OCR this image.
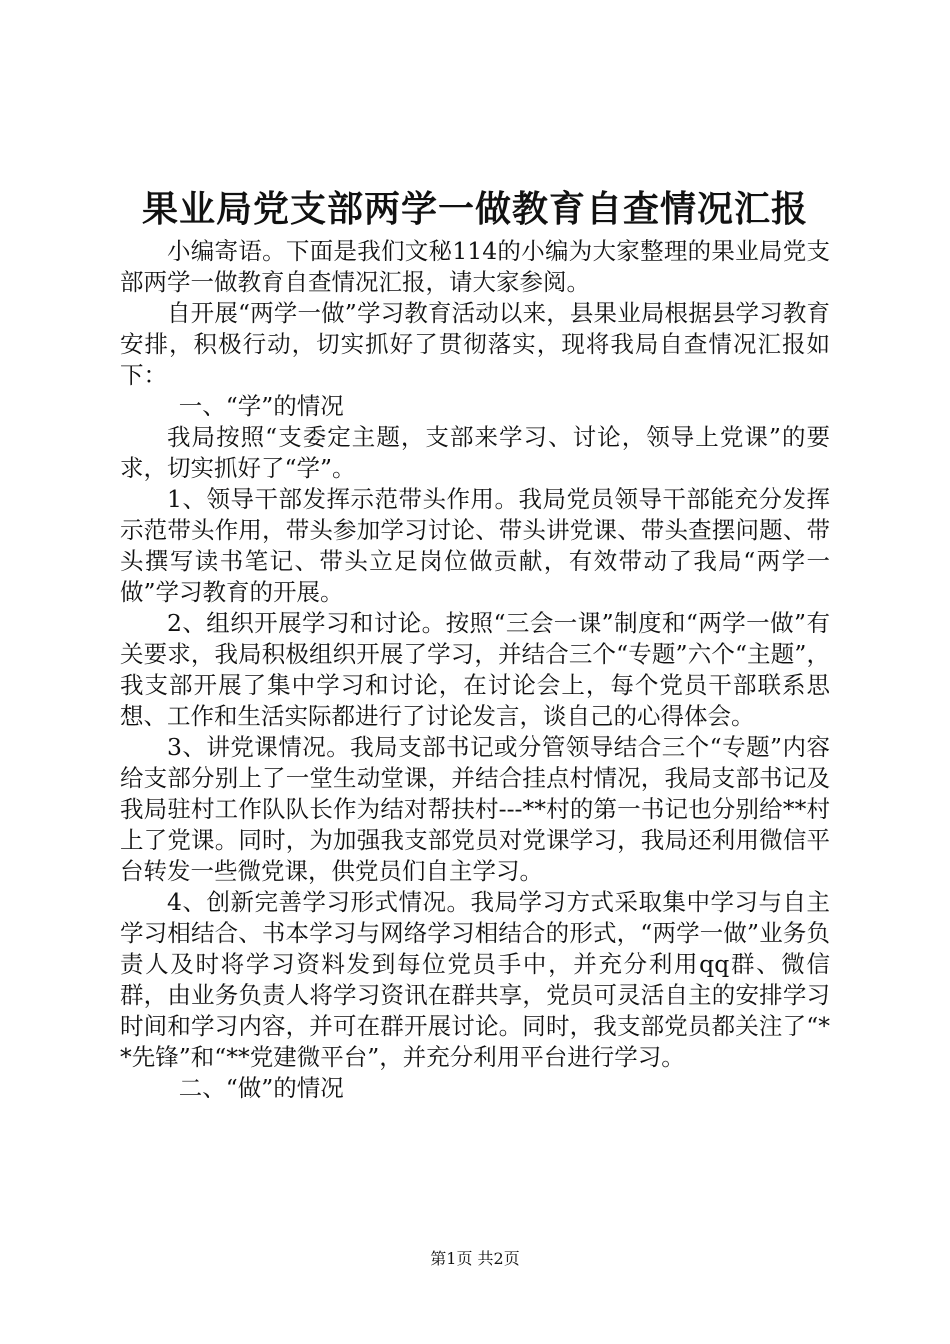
果业局党支部两学一做教育自查情况汇报

小编寄语。下面是我们文秘114的小编为大家整理的果业局党支部两学一做教育自查情况汇报，请大家参阅。

自开展“两学一做”学习教育活动以来，县果业局根据县学习教育安排，积极行动，切实抓好了贯彻落实，现将我局自查情况汇报如下：

一、“学”的情况

我局按照“支委定主题，支部来学习、讨论，领导上党课”的要求，切实抓好了“学”。

1、领导干部发挥示范带头作用。我局党员领导干部能充分发挥示范带头作用，带头参加学习讨论、带头讲党课、带头查摆问题、带头撰写读书笔记、带头立足岗位做贡献，有效带动了我局“两学一做”学习教育的开展。

2、组织开展学习和讨论。按照“三会一课”制度和“两学一做”有关要求，我局积极组织开展了学习，并结合三个“专题”六个“主题”，我支部开展了集中学习和讨论，在讨论会上，每个党员干部联系思想、工作和生活实际都进行了讨论发言，谈自己的心得体会。

3、讲党课情况。我局支部书记或分管领导结合三个“专题”内容给支部分别上了一堂生动堂课，并结合挂点村情况，我局支部书记及我局驻村工作队队长作为结对帮扶村---**村的第一书记也分别给**村上了党课。同时，为加强我支部党员对党课学习，我局还利用微信平台转发一些微党课，供党员们自主学习。

4、创新完善学习形式情况。我局学习方式采取集中学习与自主学习相结合、书本学习与网络学习相结合的形式，“两学一做”业务负责人及时将学习资料发到每位党员手中，并充分利用qq群、微信群，由业务负责人将学习资讯在群共享，党员可灵活自主的安排学习时间和学习内容，并可在群开展讨论。同时，我支部党员都关注了“**先锋”和“**党建微平台”，并充分利用平台进行学习。

二、“做”的情况

第1页 共2页
